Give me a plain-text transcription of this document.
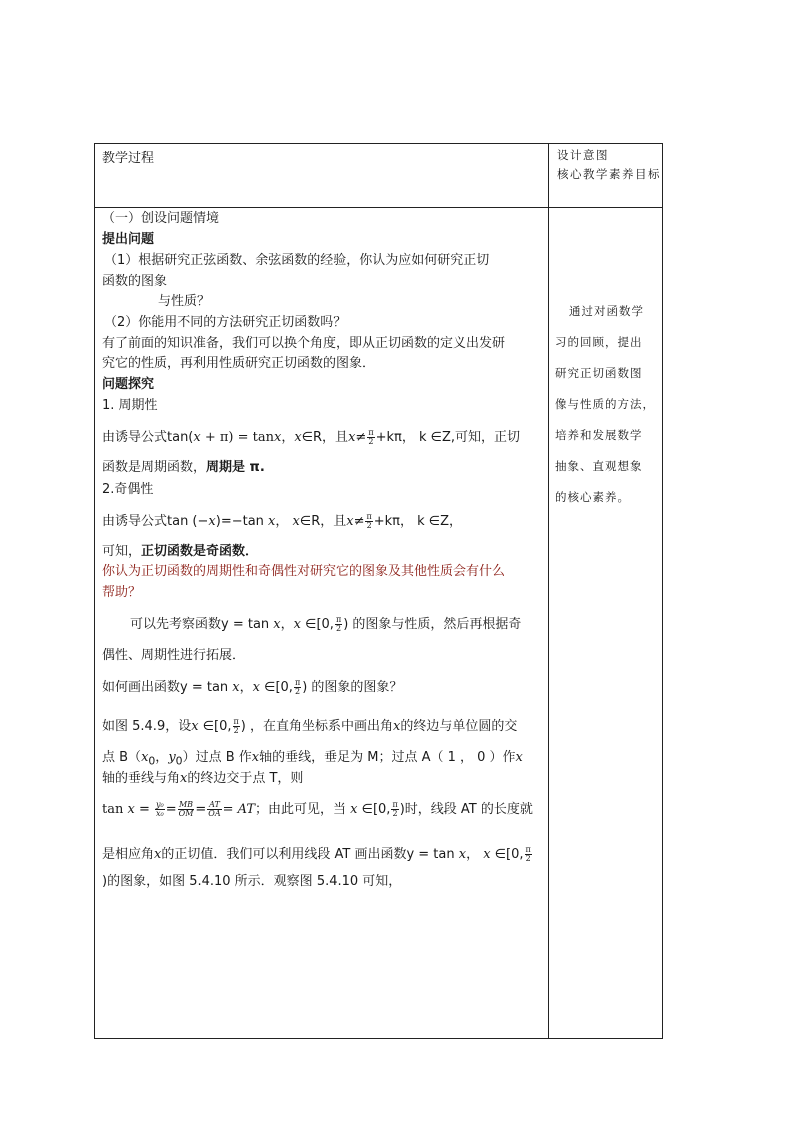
教学过程	设计意图
核心教学素养目标
通过对函数学
习的回顾，提出
研究正切函数图
像与性质的方法，
培养和发展数学
抽象、直观想象
的核心素养。
（一）创设问题情境
提出问题
（1）根据研究正弦函数、余弦函数的经验，你认为应如何研究正切
函数的图象
与性质？
（2）你能用不同的方法研究正切函数吗？
有了前面的知识准备，我们可以换个角度，即从正切函数的定义出发研
究它的性质，再利用性质研究正切函数的图象．
问题探究
1. 周期性
由诱导公式tan(x + π) = tanx，x∈R，且$x\ne \frac{\pi}{2} +k\pi$， k ∈Z,可知，正切
函数是周期函数，周期是 π.
2.奇偶性
由诱导公式tan (−x)=−tan x， x∈R，且$x\ne \frac{\pi}{2} +k\pi$， k ∈Z，
可知，正切函数是奇函数．
你认为正切函数的周期性和奇偶性对研究它的图象及其他性质会有什么
帮助？
可以先考察函数y = tan x，x ∈[0, $\frac{\pi}{2}$ ) 的图象与性质，然后再根据奇
偶性、周期性进行拓展．
如何画出函数y = tan x，x ∈[0, $\frac{\pi}{2}$ ) 的图象的图象？
如图 5.4.9，设x ∈[0, $\frac{\pi}{2}$ ) ，在直角坐标系中画出角x的终边与单位圆的交
点 $B(x_0$，$y_0$）过点 B 作x轴的垂线，垂足为 M；过点 A（ 1 ， 0 ）作x
轴的垂线与角x的终边交于点 T，则
$\tan x = \frac{\text{y₀}}{\text{x₀}} = \frac{MB}{OM} = \frac{AT}{OA}$ = AT；由此可见，当 x ∈[0, $\frac{\pi}{2}$ )时，线段 AT 的长度就
是相应角x的正切值．我们可以利用线段 AT 画出函数y = tan x， x ∈[0, $\frac{\pi}{2}$
)的图象，如图 5.4.10 所示．观察图 5.4.10 可知，
